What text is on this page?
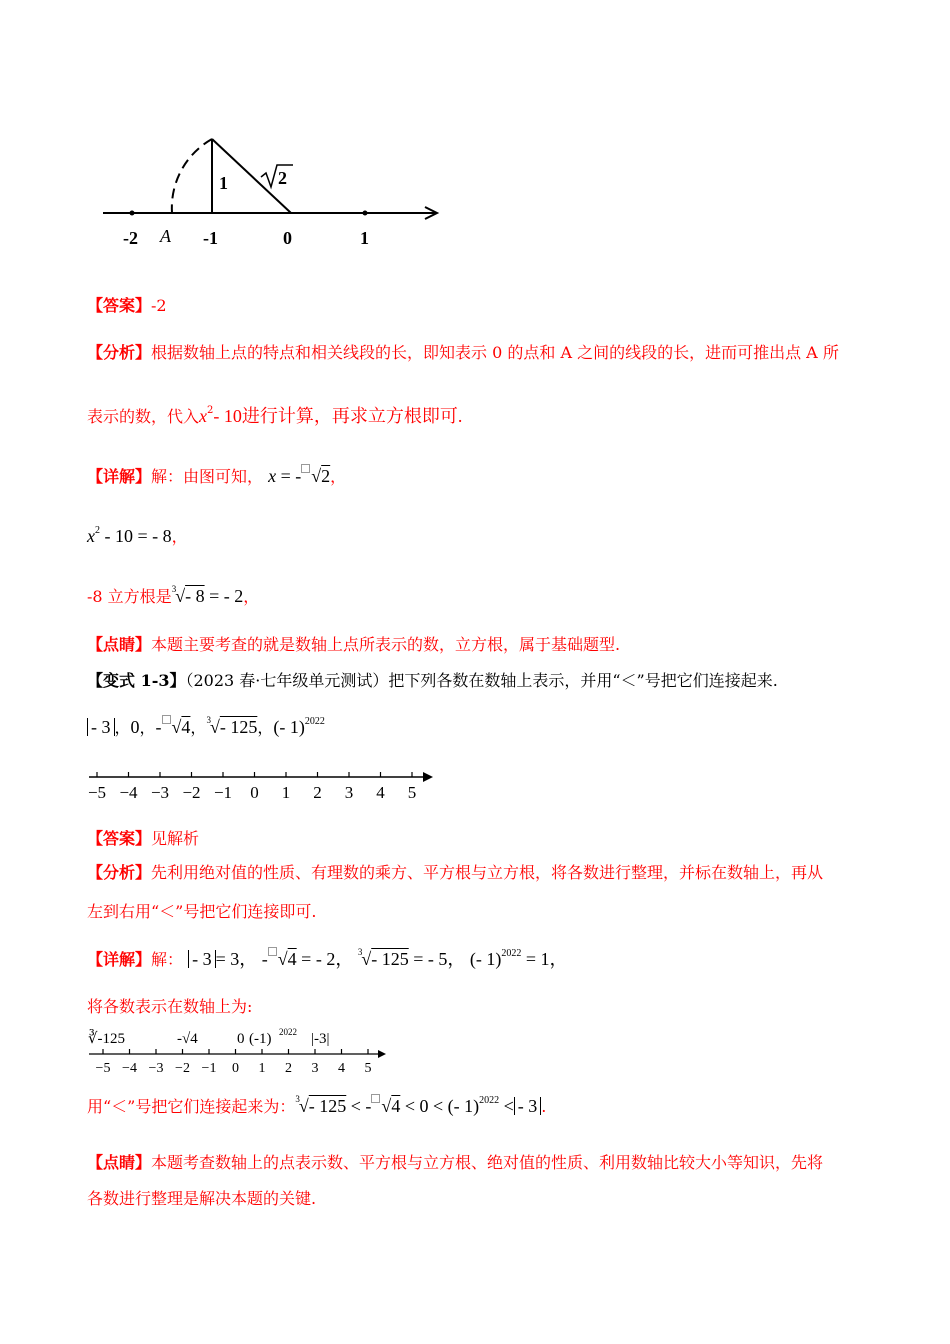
1	2
-2 A -1	0	1
【答案】-2
【分析】根据数轴上点的特点和相关线段的长，即知表示 0 的点和 A 之间的线段的长，进而可推出点 A 所
表示的数，代入$x^2-$ 10进行计算，再求立方根即可.
【详解】解：由图可知， x = - √2，
$x^2 - 10$ = - 8，
-8 立方根是$^3$√- 8 = - 2，
【点睛】本题主要考查的就是数轴上点所表示的数，立方根，属于基础题型.
【变式 1-3】（2023 春·七年级单元测试）把下列各数在数轴上表示，并用“＜”号把它们连接起来.
- 3 ，0，- √4，$^3$√- 125，(- 1)$^{2022}$
−5 −4 −3 −2 −1 0 1 2 3 4 5
【答案】见解析
【分析】先利用绝对值的性质、有理数的乘方、平方根与立方根，将各数进行整理，并标在数轴上，再从
左到右用“＜”号把它们连接即可.
【详解】解： - 3 = 3， - √4 = - 2， $^3$√- 125 = - 5， (- 1)$^{2022}$ = 1，
将各数表示在数轴上为:
∛-125	-√4	0 (-1) 2022 |-3|
−5 −4 −3 −2 −1 0 1 2 3 4 5
用“＜”号把它们连接起来为：$^3$√- 125 < - √4 < 0 < (- 1)$^{2022}$ < - 3 .
【点睛】本题考查数轴上的点表示数、平方根与立方根、绝对值的性质、利用数轴比较大小等知识，先将
各数进行整理是解决本题的关键.
